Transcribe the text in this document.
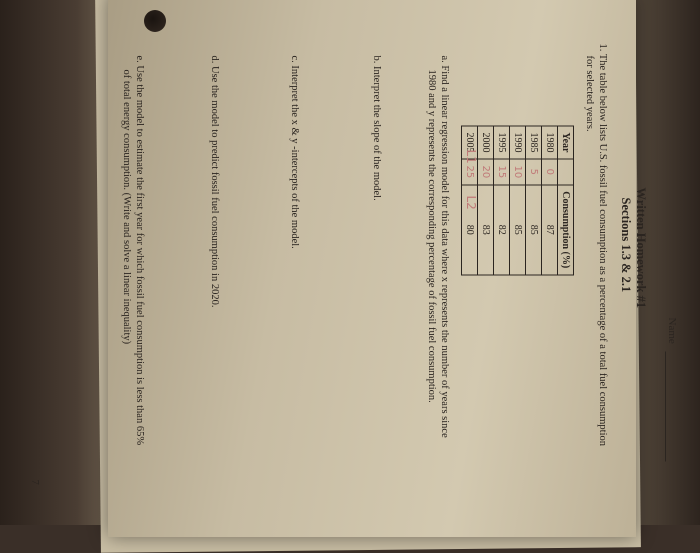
Name
Written Homework #1
Sections 1.3 & 2.1
1. The table below lists U.S. fossil fuel consumption as a percentage of a total fuel consumption
for selected years.
Year		Consumption (%)
1980	0	87
1985	5	85
1990	10	85
1995	15	82
2000	20	83
2005	25	80
L1
L2
a. Find a linear regression model for this data where x represents the number of years since
1980 and y represents the corresponding percentage of fossil fuel consumption.
b. Interpret the slope of the model.
c. Interpret the x & y -intercepts of the model.
d. Use the model to predict fossil fuel consumption in 2020.
e. Use the model to estimate the first year for which fossil fuel consumption is less than 65%
of total energy consumption. (Write and solve a linear inequality)
7
